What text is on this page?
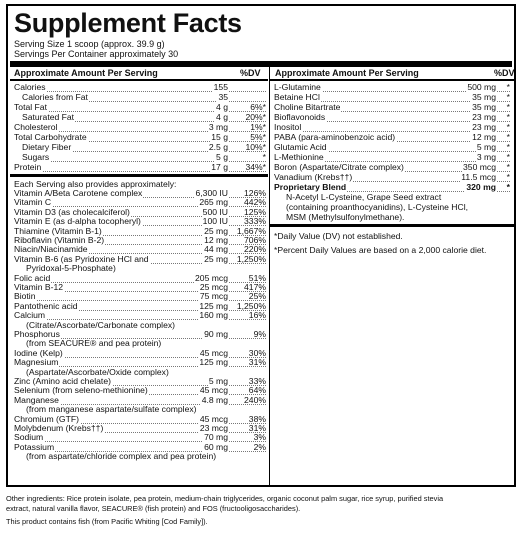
Supplement Facts
Serving Size 1 scoop (approx. 39.9 g)
Servings Per Container approximately 30
Approximate Amount Per Serving	%DV Approximate Amount Per Serving	%DV
Calories	155
Calories from Fat	35
Total Fat	4 g	6%*
Saturated Fat	4 g	20%*
Cholesterol	3 mg	1%*
Total Carbohydrate	15 g	5%*
Dietary Fiber	2.5 g	10%*
Sugars	5 g	*
Protein	17 g	34%*
Each Serving also provides approximately:
Vitamin A/Beta Carotene complex	6,300 IU	126%
Vitamin C	265 mg	442%
Vitamin D3 (as cholecalciferol)	500 IU	125%
Vitamin E (as d-alpha tocopheryl)	100 IU	333%
Thiamine (Vitamin B-1)	25 mg	1,667%
Riboflavin (Vitamin B-2)	12 mg	706%
Niacin/Niacinamide	44 mg	220%
Vitamin B-6 (as Pyridoxine HCl and	25 mg	1,250%
Pyridoxal-5-Phosphate)
Folic acid	205 mcg	51%
Vitamin B-12	25 mcg	417%
Biotin	75 mcg	25%
Pantothenic acid	125 mg	1,250%
Calcium	160 mg	16%
(Citrate/Ascorbate/Carbonate complex)
Phosphorus	90 mg	9%
(from SEACURE® and pea protein)
Iodine (Kelp)	45 mcg	30%
Magnesium	125 mg	31%
(Aspartate/Ascorbate/Oxide complex)
Zinc (Amino acid chelate)	5 mg	33%
Selenium (from seleno-methionine)	45 mcg	64%
Manganese	4.8 mg	240%
(from manganese aspartate/sulfate complex)
Chromium (GTF)	45 mcg	38%
Molybdenum (Krebs††)	23 mcg	31%
Sodium	70 mg	3%
Potassium	60 mg	2%
(from aspartate/chloride complex and pea protein)
L-Glutamine	500 mg	*
Betaine HCl	35 mg	*
Choline Bitartrate	35 mg	*
Bioflavonoids	23 mg	*
Inositol	23 mg	*
PABA (para-aminobenzoic acid)	12 mg	*
Glutamic Acid	5 mg	*
L-Methionine	3 mg	*
Boron (Aspartate/Citrate complex)	350 mcg	*
Vanadium (Krebs††)	11.5 mcg	*
Proprietary Blend	320 mg	*
N-Acetyl L-Cysteine, Grape Seed extract
(containing proanthocyanidins), L-Cysteine HCl,
MSM (Methylsulfonylmethane).
*Daily Value (DV) not established.
*Percent Daily Values are based on a 2,000 calorie diet.
Other ingredients: Rice protein isolate, pea protein, medium-chain triglycerides, organic coconut palm sugar, rice syrup, purified stevia
extract, natural vanilla flavor, SEACURE® (fish protein) and FOS (fructooligosaccharides).
This product contains fish (from Pacific Whiting [Cod Family]).
